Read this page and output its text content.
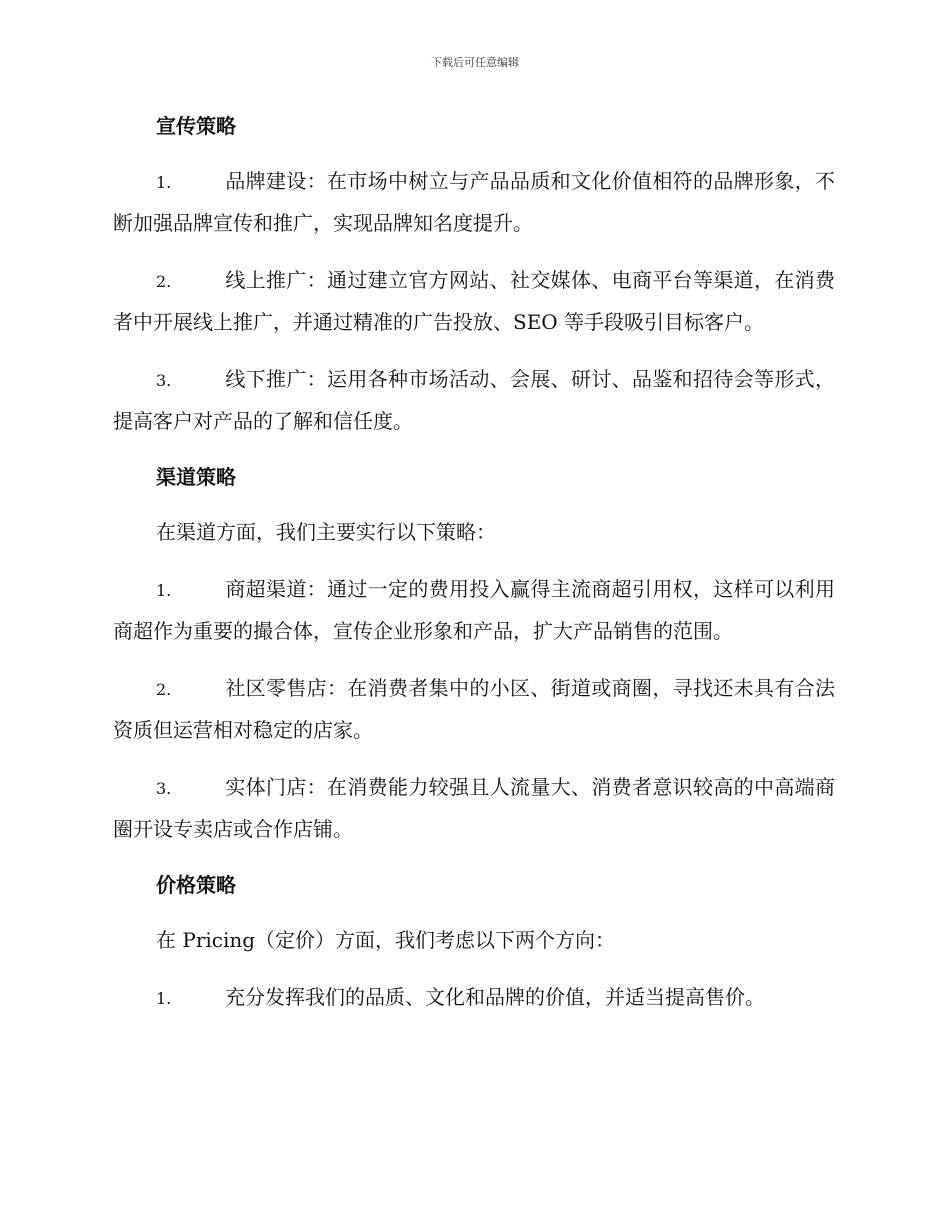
下载后可任意编辑
宣传策略

1.	品牌建设：在市场中树立与产品品质和文化价值相符的品牌形象，不断加强品牌宣传和推广，实现品牌知名度提升。

2.	线上推广：通过建立官方网站、社交媒体、电商平台等渠道，在消费者中开展线上推广，并通过精准的广告投放、SEO 等手段吸引目标客户。

3.	线下推广：运用各种市场活动、会展、研讨、品鉴和招待会等形式，提高客户对产品的了解和信任度。

渠道策略

在渠道方面，我们主要实行以下策略：

1.	商超渠道：通过一定的费用投入赢得主流商超引用权，这样可以利用商超作为重要的撮合体，宣传企业形象和产品，扩大产品销售的范围。

2.	社区零售店：在消费者集中的小区、街道或商圈，寻找还未具有合法资质但运营相对稳定的店家。

3.	实体门店：在消费能力较强且人流量大、消费者意识较高的中高端商圈开设专卖店或合作店铺。

价格策略

在 Pricing（定价）方面，我们考虑以下两个方向：

1.	充分发挥我们的品质、文化和品牌的价值，并适当提高售价。
